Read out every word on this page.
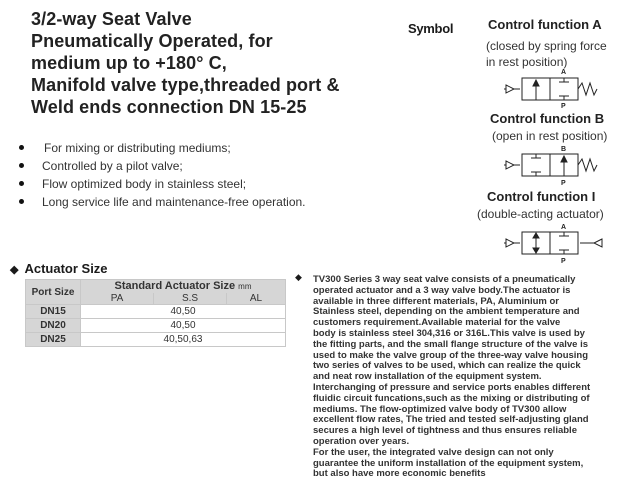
3/2-way Seat Valve
Pneumatically Operated, for
medium up to +180° C,
Manifold valve type,threaded port &
Weld ends connection DN 15-25
For mixing or distributing mediums;
Controlled by a pilot valve;
Flow optimized body in stainless steel;
Long service life and maintenance-free operation.
Symbol	Control function A
(closed by spring force
in rest position)
A
P
Control function B
(open in rest position)
B
P
Control function I
(double-acting actuator)
A
P
◆ Actuator Size
Port Size	Standard Actuator Size mm		
	PA	S.S	AL
DN15	40,50		
DN20	40,50		
DN25	40,50,63		
◆ TV300 Series 3 way seat valve consists of a pneumatically

operated actuator and a 3 way valve body.The actuator is

available in three different materials, PA, Aluminium or

Stainless steel, depending on the ambient temperature and

customers requirement.Available material for the valve

body is stainless steel 304,316 or 316L.This valve is used by

the fitting parts, and the small flange structure of the valve is

used to make the valve group of the three-way valve housing

two series of valves to be used, which can realize the quick

and neat row installation of the equipment system.

Interchanging of pressure and service ports enables different

fluidic circuit funcations,such as the mixing or distributing of

mediums. The flow-optimized valve body of TV300 allow

excellent flow rates, The tried and tested self-adjusting gland

secures a high level of tightness and thus ensures reliable

operation over years.

For the user, the integrated valve design can not only

guarantee the uniform installation of the equipment system,

but also have more economic benefits
